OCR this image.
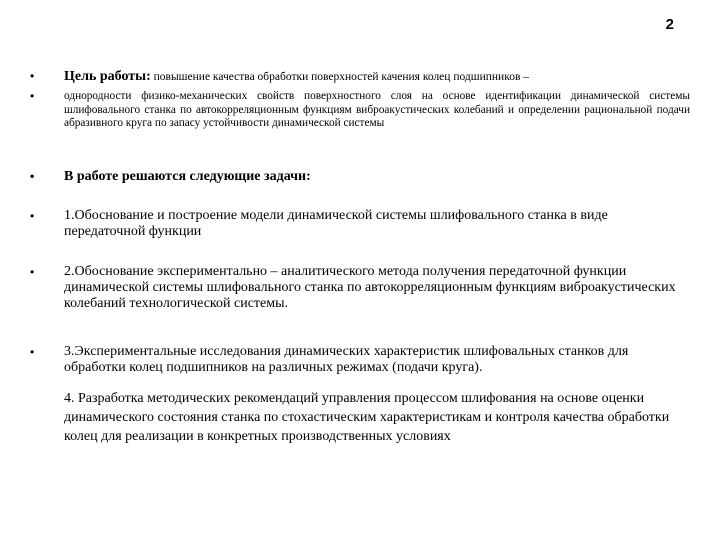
2
• Цель работы: повышение качества обработки поверхностей качения колец подшипников –
•	однородности физико-механических свойств поверхностного слоя на основе идентификации динамической системы шлифовального станка по автокорреляционным функциям виброакустических колебаний и определении рациональной подачи абразивного круга по запасу устойчивости динамической системы
• В работе решаются следующие задачи:
• 1.Обоснование и построение модели динамической системы шлифовального станка в виде передаточной функции
• 2.Обоснование экспериментально – аналитического метода получения передаточной функции динамической системы шлифовального станка по автокорреляционным функциям виброакустических колебаний технологической системы.
• 3.Экспериментальные исследования динамических характеристик шлифовальных станков для обработки колец подшипников на различных режимах (подачи круга).
4. Разработка методических рекомендаций управления процессом шлифования на основе оценки динамического состояния станка по стохастическим характеристикам и контроля качества обработки колец для реализации в конкретных производственных условиях
